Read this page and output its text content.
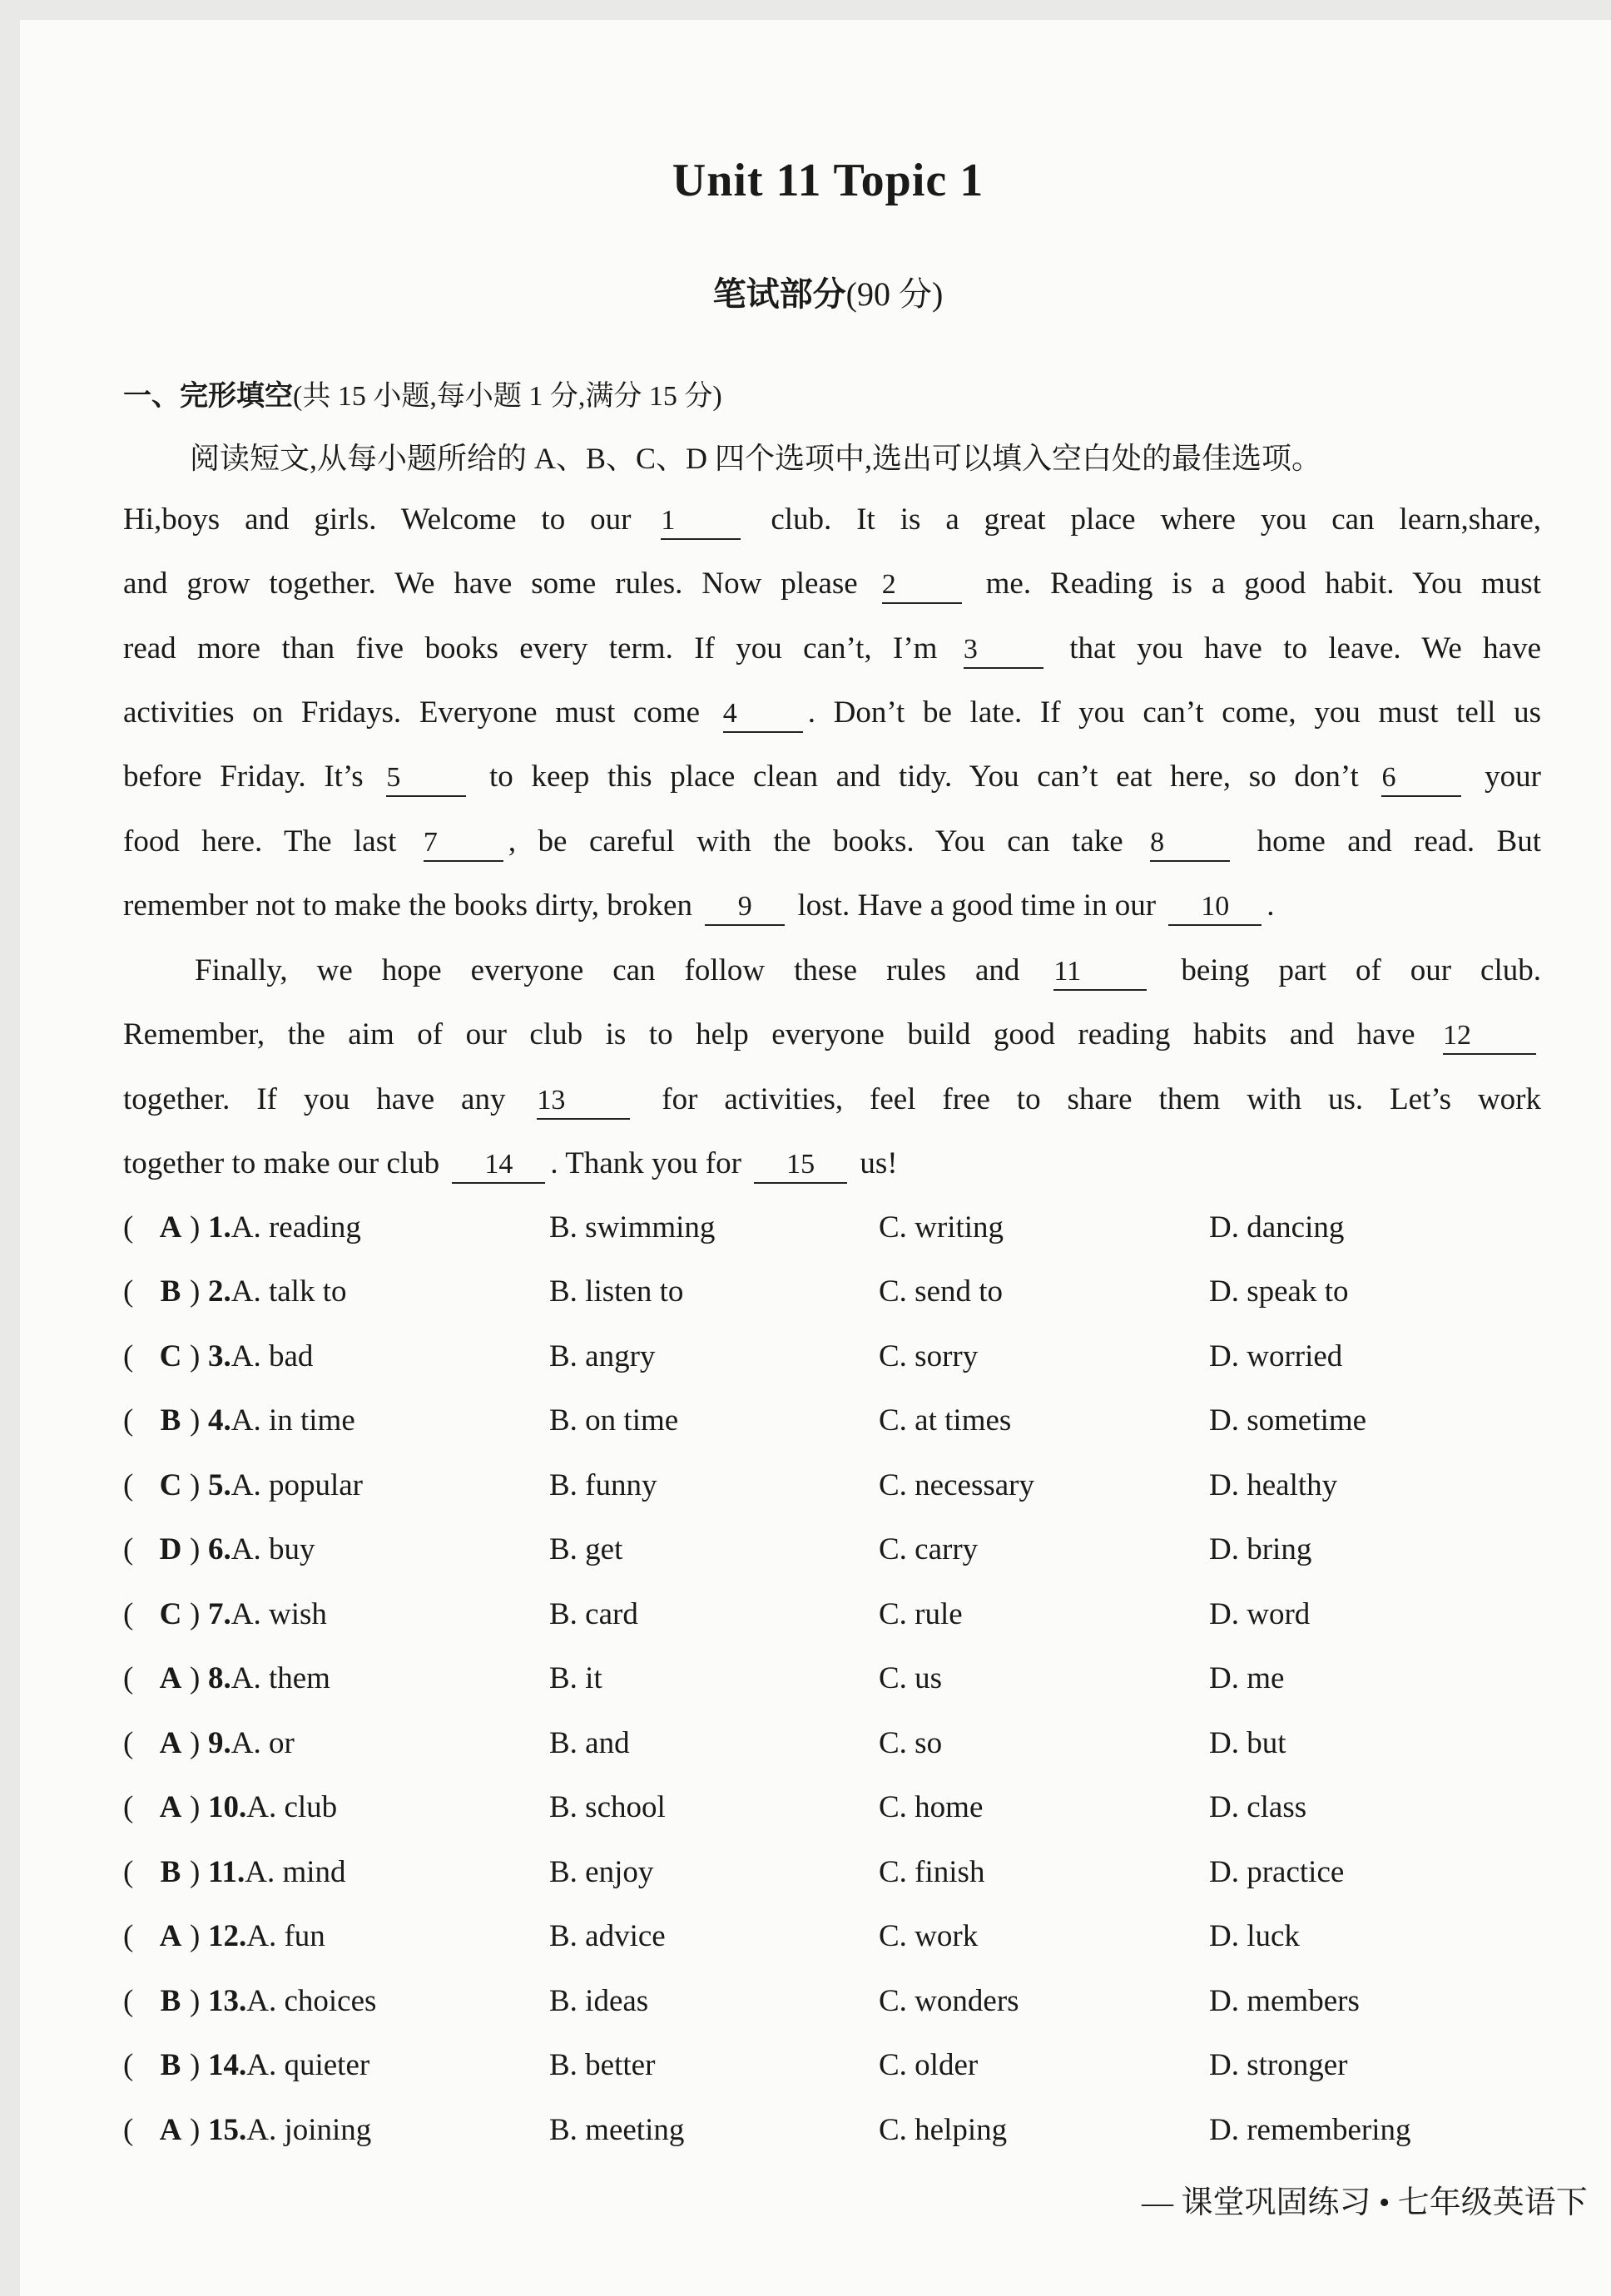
Unit 11 Topic 1
笔试部分(90 分)
一、完形填空(共 15 小题,每小题 1 分,满分 15 分)
阅读短文,从每小题所给的 A、B、C、D 四个选项中,选出可以填入空白处的最佳选项。
Hi,boys and girls. Welcome to our 1	club. It is a great place where you can learn,share,
and grow together. We have some rules. Now please 2	me. Reading is a good habit. You must
read more than five books every term. If you can’t, I’m 3	that you have to leave. We have
activities on Fridays. Everyone must come 4 . Don’t be late. If you can’t come, you must tell us
before Friday. It’s 5	to keep this place clean and tidy. You can’t eat here, so don’t 6	your
food here. The last 7 , be careful with the books. You can take 8	home and read. But
remember not to make the books dirty, broken 9 lost. Have a good time in our 10 .
Finally, we hope everyone can follow these rules and 11	being part of our club.
Remember, the aim of our club is to help everyone build good reading habits and have 12
together. If you have any 13	for activities, feel free to share them with us. Let’s work
together to make our club 14 . Thank you for 15 us!
( A ) 1.A. reading	B. swimming	C. writing	D. dancing
( B ) 2.A. talk to	B. listen to	C. send to	D. speak to
( C ) 3.A. bad	B. angry	C. sorry	D. worried
( B ) 4.A. in time	B. on time	C. at times	D. sometime
( C ) 5.A. popular	B. funny	C. necessary	D. healthy
( D ) 6.A. buy	B. get	C. carry	D. bring
( C ) 7.A. wish	B. card	C. rule	D. word
( A ) 8.A. them	B. it	C. us	D. me
( A ) 9.A. or	B. and	C. so	D. but
( A ) 10.A. club	B. school	C. home	D. class
( B ) 11.A. mind	B. enjoy	C. finish	D. practice
( A ) 12.A. fun	B. advice	C. work	D. luck
( B ) 13.A. choices	B. ideas	C. wonders	D. members
( B ) 14.A. quieter	B. better	C. older	D. stronger
( A ) 15.A. joining	B. meeting	C. helping	D. remembering
— 课堂巩固练习 • 七年级英语下
